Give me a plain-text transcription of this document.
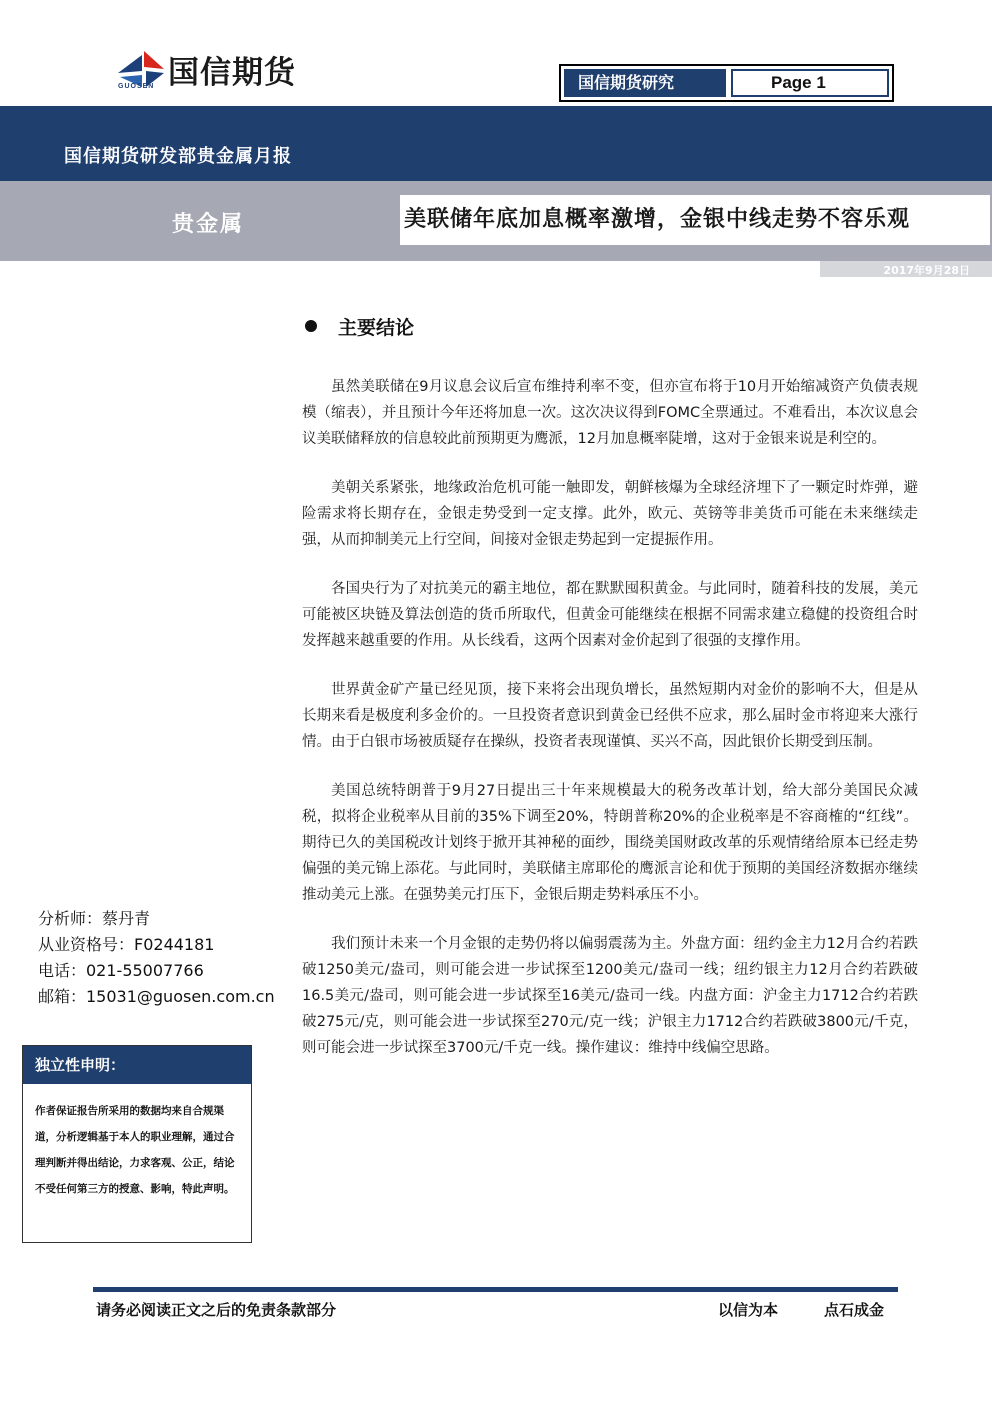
国信期货
GUOSEN	国信期货研究	Page 1
国信期货研发部贵金属月报
贵金属	美联储年底加息概率激增，金银中线走势不容乐观
2017年9月28日
主要结论

虽然美联储在9月议息会议后宣布维持利率不变，但亦宣布将于10月开始缩减资产负债表规模（缩表），并且预计今年还将加息一次。这次决议得到FOMC全票通过。不难看出，本次议息会议美联储释放的信息较此前预期更为鹰派，12月加息概率陡增，这对于金银来说是利空的。

美朝关系紧张，地缘政治危机可能一触即发，朝鲜核爆为全球经济埋下了一颗定时炸弹，避险需求将长期存在，金银走势受到一定支撑。此外，欧元、英镑等非美货币可能在未来继续走强，从而抑制美元上行空间，间接对金银走势起到一定提振作用。

各国央行为了对抗美元的霸主地位，都在默默囤积黄金。与此同时，随着科技的发展，美元可能被区块链及算法创造的货币所取代，但黄金可能继续在根据不同需求建立稳健的投资组合时发挥越来越重要的作用。从长线看，这两个因素对金价起到了很强的支撑作用。

世界黄金矿产量已经见顶，接下来将会出现负增长，虽然短期内对金价的影响不大，但是从长期来看是极度利多金价的。一旦投资者意识到黄金已经供不应求，那么届时金市将迎来大涨行情。由于白银市场被质疑存在操纵，投资者表现谨慎、买兴不高，因此银价长期受到压制。

美国总统特朗普于9月27日提出三十年来规模最大的税务改革计划，给大部分美国民众减税，拟将企业税率从目前的35%下调至20%，特朗普称20%的企业税率是不容商榷的“红线”。期待已久的美国税改计划终于掀开其神秘的面纱，围绕美国财政改革的乐观情绪给原本已经走势偏强的美元锦上添花。与此同时，美联储主席耶伦的鹰派言论和优于预期的美国经济数据亦继续推动美元上涨。在强势美元打压下，金银后期走势料承压不小。

我们预计未来一个月金银的走势仍将以偏弱震荡为主。外盘方面：纽约金主力12月合约若跌破1250美元/盎司，则可能会进一步试探至1200美元/盎司一线；纽约银主力12月合约若跌破16.5美元/盎司，则可能会进一步试探至16美元/盎司一线。内盘方面：沪金主力1712合约若跌破275元/克，则可能会进一步试探至270元/克一线；沪银主力1712合约若跌破3800元/千克，则可能会进一步试探至3700元/千克一线。操作建议：维持中线偏空思路。

分析师：蔡丹青
从业资格号：F0244181
电话：021-55007766
邮箱：15031@guosen.com.cn
独立性申明：
作者保证报告所采用的数据均来自合规渠道，分析逻辑基于本人的职业理解，通过合理判断并得出结论，力求客观、公正，结论不受任何第三方的授意、影响，特此声明。
请务必阅读正文之后的免责条款部分	以信为本	点石成金
